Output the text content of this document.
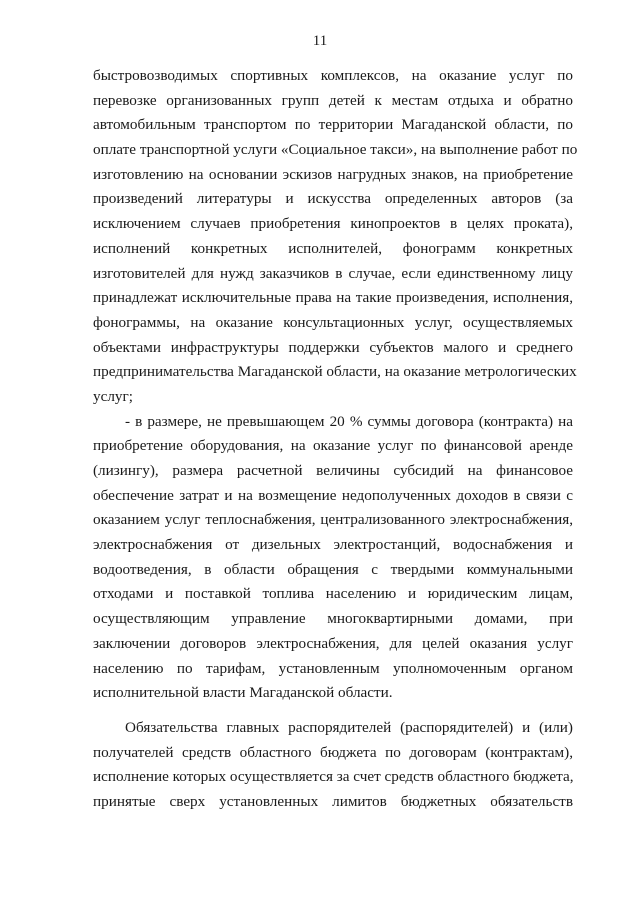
11
быстровозводимых спортивных комплексов, на оказание услуг по
перевозке организованных групп детей к местам отдыха и обратно
автомобильным транспортом по территории Магаданской области, по
оплате транспортной услуги «Социальное такси», на выполнение работ по
изготовлению на основании эскизов нагрудных знаков, на приобретение
произведений литературы и искусства определенных авторов (за
исключением случаев приобретения кинопроектов в целях проката),
исполнений конкретных исполнителей, фонограмм конкретных
изготовителей для нужд заказчиков в случае, если единственному лицу
принадлежат исключительные права на такие произведения, исполнения,
фонограммы, на оказание консультационных услуг, осуществляемых
объектами инфраструктуры поддержки субъектов малого и среднего
предпринимательства Магаданской области, на оказание метрологических
услуг;
- в размере, не превышающем 20 % суммы договора (контракта) на
приобретение оборудования, на оказание услуг по финансовой аренде
(лизингу), размера расчетной величины субсидий на финансовое
обеспечение затрат и на возмещение недополученных доходов в связи с
оказанием услуг теплоснабжения, централизованного электроснабжения,
электроснабжения от дизельных электростанций, водоснабжения и
водоотведения, в области обращения с твердыми коммунальными
отходами и поставкой топлива населению и юридическим лицам,
осуществляющим управление многоквартирными домами, при
заключении договоров электроснабжения, для целей оказания услуг
населению по тарифам, установленным уполномоченным органом
исполнительной власти Магаданской области.
Обязательства главных распорядителей (распорядителей) и (или)
получателей средств областного бюджета по договорам (контрактам),
исполнение которых осуществляется за счет средств областного бюджета,
принятые сверх установленных лимитов бюджетных обязательств
